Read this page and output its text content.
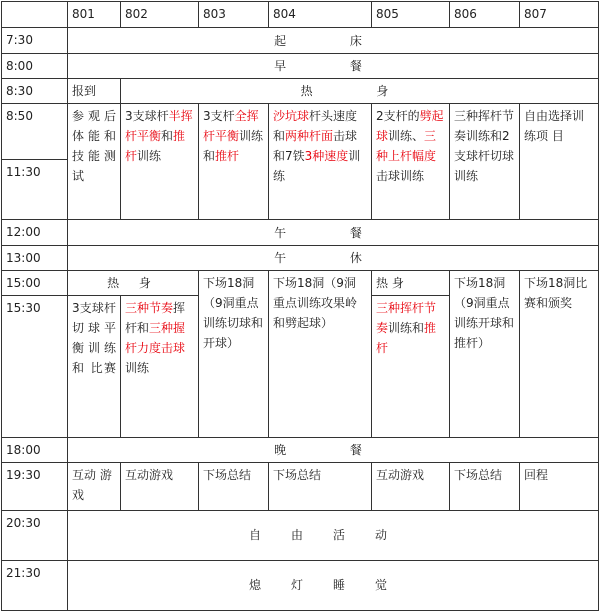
	801	802	803	804	805	806	807
7:30	起 床						
8:00	早 餐						
8:30	报到	热 身					
8:50	参 观 后 体 能 和 技 能 测试	3支球杆半挥杆平衡和推杆训练	3支杆全挥杆平衡训练和推杆	沙坑球杆头速度和两种杆面击球和7铁3种速度训练	2支杆的劈起球训练、三种上杆幅度击球训练	三种挥杆节奏训练和2支球杆切球训练	自由选择训练项 目
11:30							
12:00	午 餐						
13:00	午 休						
15:00	热 身		下场18洞（9洞重点训练切球和开球）	下场18洞（9洞重点训练攻果岭和劈起球）	热 身	下场18洞（9洞重点训练开球和推杆）	下场18洞比赛和颁奖
15:30	3支球杆 切 球 平 衡 训 练 和 比赛	三种节奏挥杆和三种握杆力度击球训练			三种挥杆节奏训练和推杆		
18:00	晚 餐						
19:30	互动 游戏	互动游戏	下场总结	下场总结	互动游戏	下场总结	回程
20:30	自由活动						
21:30	熄灯睡觉						
